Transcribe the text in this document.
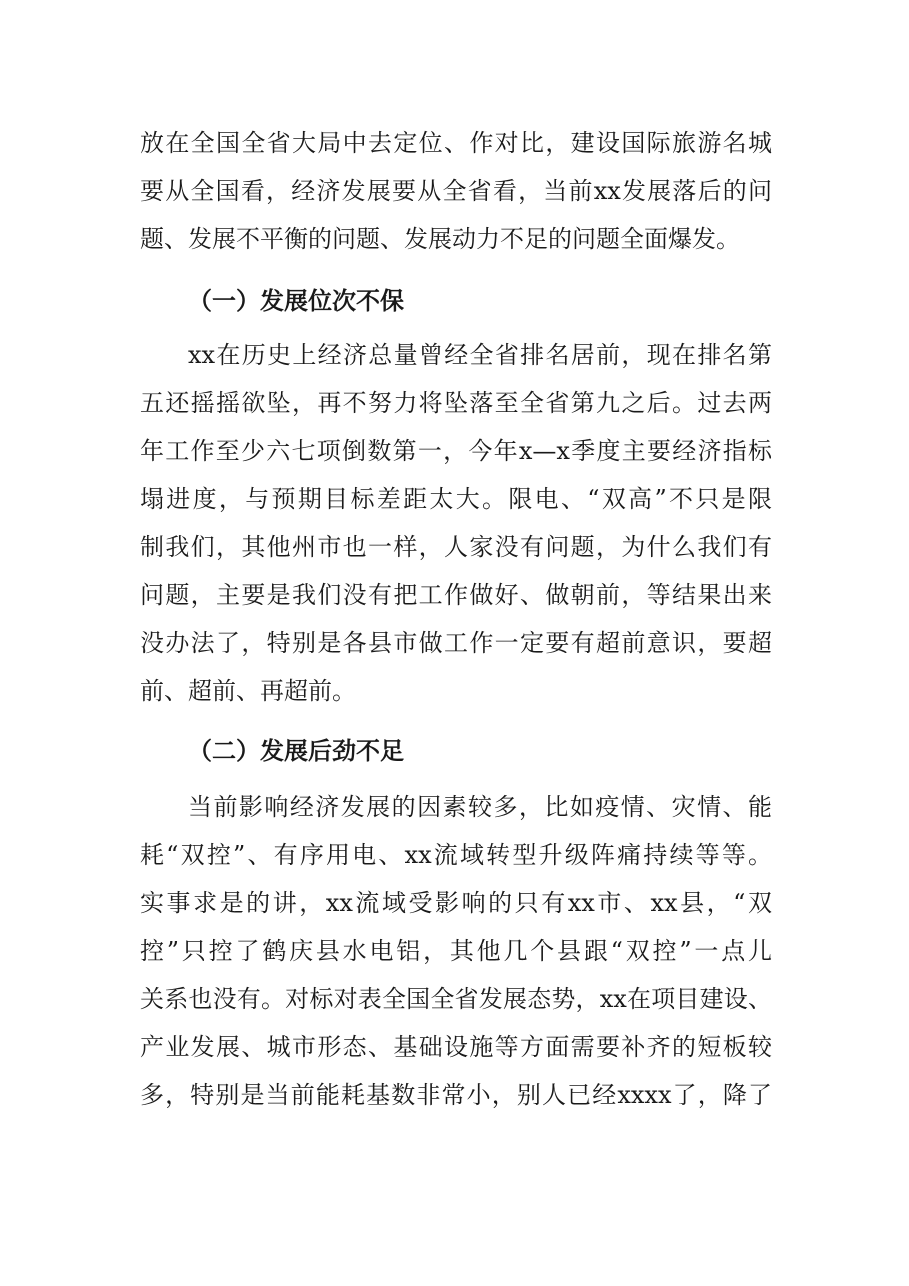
放在全国全省大局中去定位、作对比，建设国际旅游名城
要从全国看，经济发展要从全省看，当前xx发展落后的问
题、发展不平衡的问题、发展动力不足的问题全面爆发。
（一）发展位次不保
xx在历史上经济总量曾经全省排名居前，现在排名第
五还摇摇欲坠，再不努力将坠落至全省第九之后。过去两
年工作至少六七项倒数第一，今年x—x季度主要经济指标
塌进度，与预期目标差距太大。限电、“双高”不只是限
制我们，其他州市也一样，人家没有问题，为什么我们有
问题，主要是我们没有把工作做好、做朝前，等结果出来
没办法了，特别是各县市做工作一定要有超前意识，要超
前、超前、再超前。
（二）发展后劲不足
当前影响经济发展的因素较多，比如疫情、灾情、能
耗“双控”、有序用电、xx流域转型升级阵痛持续等等。
实事求是的讲，xx流域受影响的只有xx市、xx县，“双
控”只控了鹤庆县水电铝，其他几个县跟“双控”一点儿
关系也没有。对标对表全国全省发展态势，xx在项目建设、
产业发展、城市形态、基础设施等方面需要补齐的短板较
多，特别是当前能耗基数非常小，别人已经xxxx了，降了
